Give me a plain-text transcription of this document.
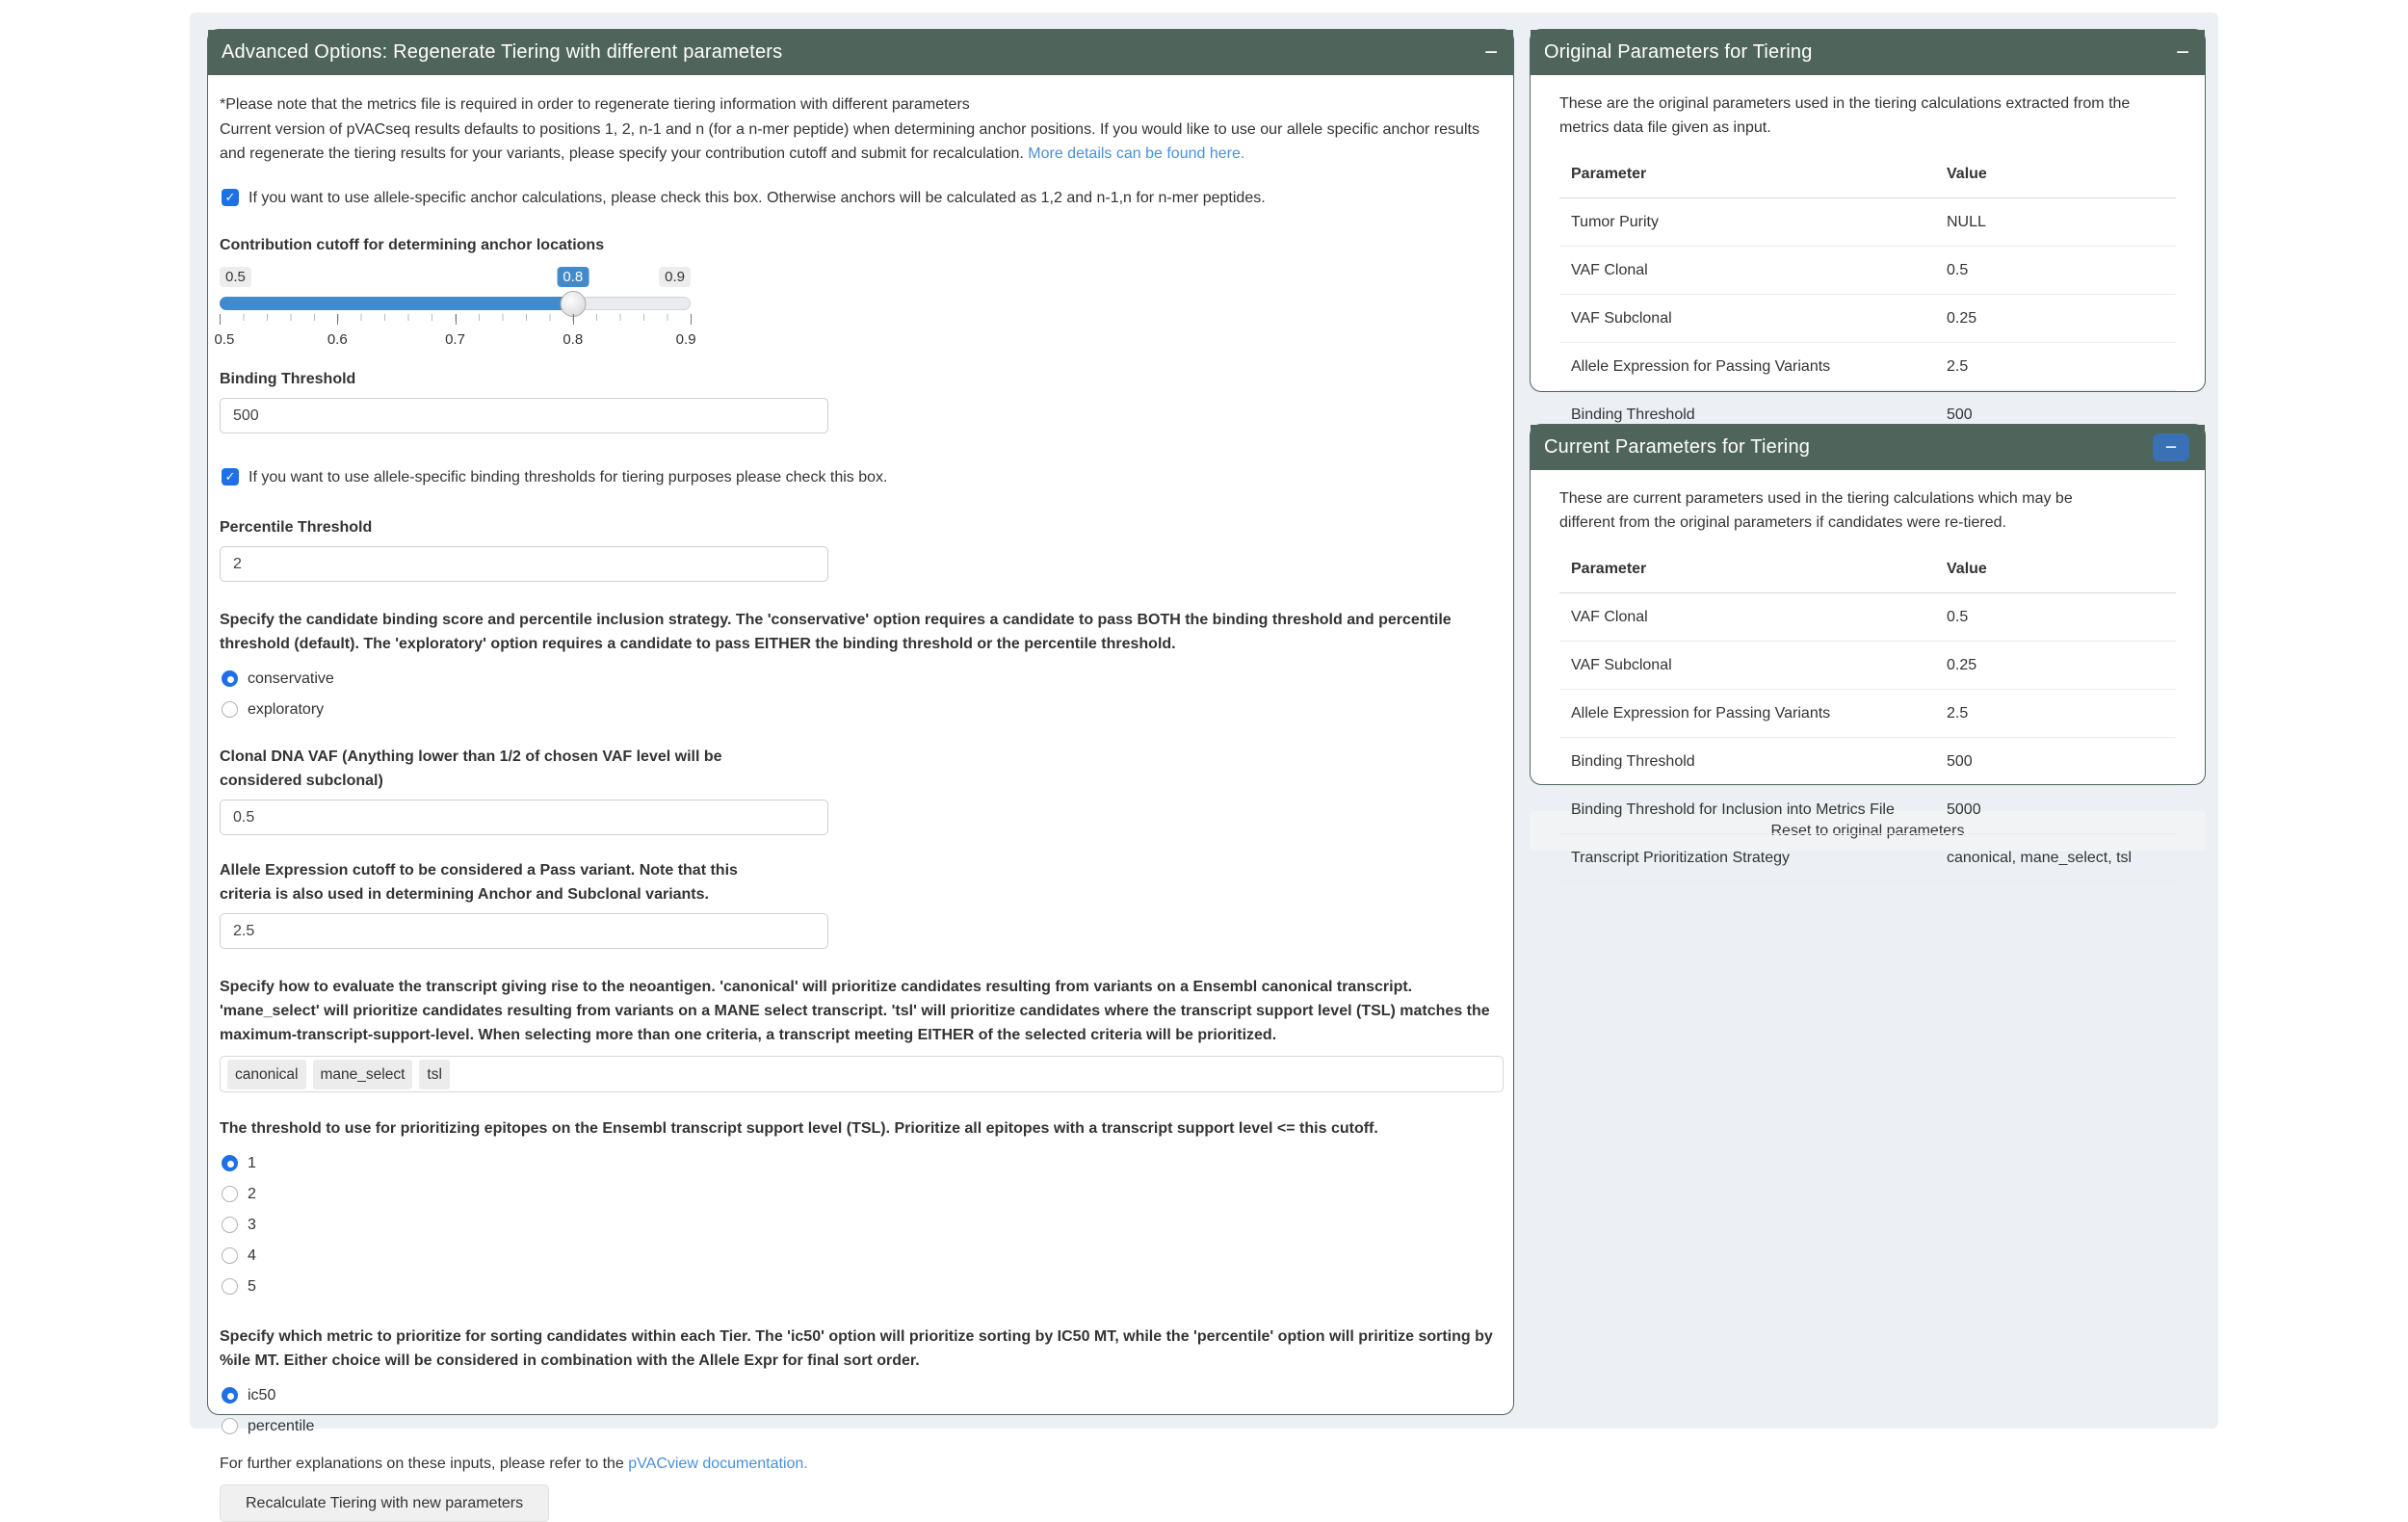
Advanced Options: Regenerate Tiering with different parameters	−

*Please note that the metrics file is required in order to regenerate tiering information with different parameters

Current version of pVACseq results defaults to positions 1, 2, n-1 and n (for a n-mer peptide) when determining anchor positions. If you would like to use our allele specific anchor results and regenerate the tiering results for your variants, please specify your contribution cutoff and submit for recalculation. More details can be found here.

✓ If you want to use allele-specific anchor calculations, please check this box. Otherwise anchors will be calculated as 1,2 and n-1,n for n-mer peptides.
Contribution cutoff for determining anchor locations
0.5	0.8	0.9
0.5	0.6	0.7	0.8	0.9
Binding Threshold
500
✓ If you want to use allele-specific binding thresholds for tiering purposes please check this box.
Percentile Threshold
2

Specify the candidate binding score and percentile inclusion strategy. The 'conservative' option requires a candidate to pass BOTH the binding threshold and percentile threshold (default). The 'exploratory' option requires a candidate to pass EITHER the binding threshold or the percentile threshold.

conservative
exploratory
Clonal DNA VAF (Anything lower than 1/2 of chosen VAF level will be considered subclonal)
0.5
Allele Expression cutoff to be considered a Pass variant. Note that this criteria is also used in determining Anchor and Subclonal variants.
2.5

Specify how to evaluate the transcript giving rise to the neoantigen. 'canonical' will prioritize candidates resulting from variants on a Ensembl canonical transcript. 'mane_select' will prioritize candidates resulting from variants on a MANE select transcript. 'tsl' will prioritize candidates where the transcript support level (TSL) matches the maximum-transcript-support-level. When selecting more than one criteria, a transcript meeting EITHER of the selected criteria will be prioritized.

canonical	mane_select	tsl

The threshold to use for prioritizing epitopes on the Ensembl transcript support level (TSL). Prioritize all epitopes with a transcript support level <= this cutoff.

1
2
3
4
5

Specify which metric to prioritize for sorting candidates within each Tier. The 'ic50' option will prioritize sorting by IC50 MT, while the 'percentile' option will priritize sorting by %ile MT. Either choice will be considered in combination with the Allele Expr for final sort order.

ic50
percentile

For further explanations on these inputs, please refer to the pVACview documentation.

Recalculate Tiering with new parameters
Original Parameters for Tiering	−

These are the original parameters used in the tiering calculations extracted from the metrics data file given as input.

Parameter	Value
Tumor Purity	NULL
VAF Clonal	0.5
VAF Subclonal	0.25
Allele Expression for Passing Variants	2.5
Binding Threshold	500

Current Parameters for Tiering	−

These are current parameters used in the tiering calculations which may be different from the original parameters if candidates were re-tiered.

Parameter	Value
VAF Clonal	0.5
VAF Subclonal	0.25
Allele Expression for Passing Variants	2.5
Binding Threshold	500
Binding Threshold for Inclusion into Metrics File	5000
Transcript Prioritization Strategy	canonical, mane_select, tsl
Reset to original parameters
